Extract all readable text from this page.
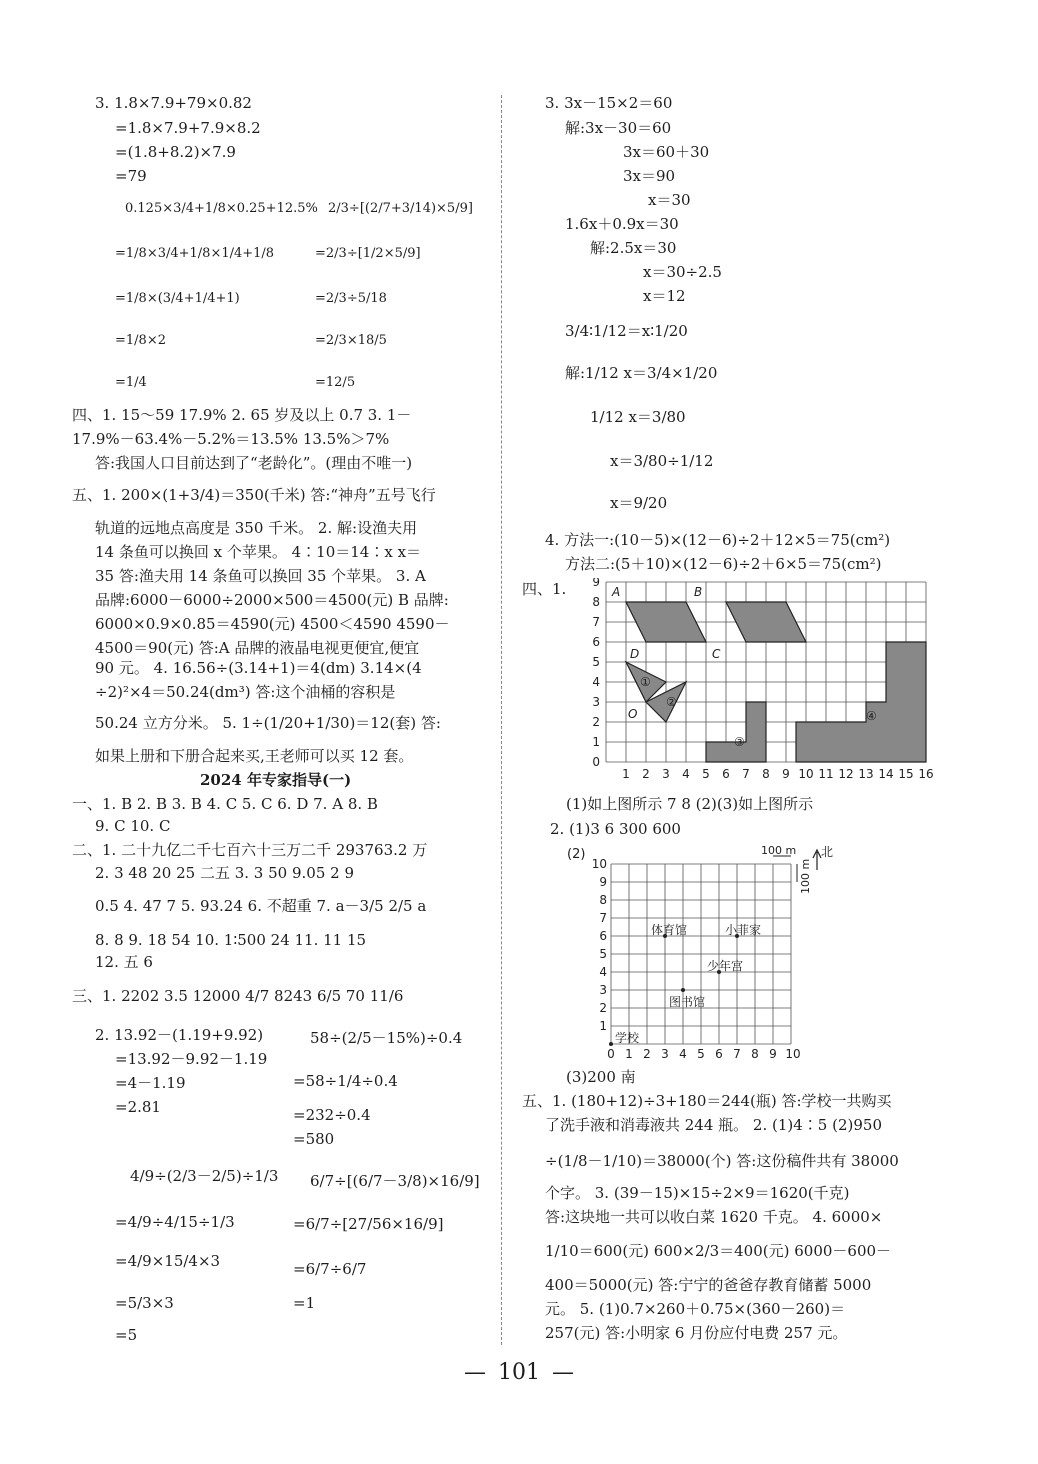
3. 1.8×7.9+79×0.82
=1.8×7.9+7.9×8.2
=(1.8+8.2)×7.9
=79
0.125×3/4+1/8×0.25+12.5%
=1/8×3/4+1/8×1/4+1/8
=1/8×(3/4+1/4+1)
=1/8×2
=1/4
2/3÷[(2/7+3/14)×5/9]
=2/3÷[1/2×5/9]
=2/3÷5/18
=2/3×18/5
=12/5
四、1. 15～59 17.9% 2. 65 岁及以上 0.7 3. 1－
17.9%－63.4%－5.2%＝13.5% 13.5%＞7%
答:我国人口目前达到了“老龄化”。(理由不唯一)
五、1. 200×(1+3/4)＝350(千米) 答:“神舟”五号飞行
轨道的远地点高度是 350 千米。 2. 解:设渔夫用
14 条鱼可以换回 x 个苹果。 4∶10＝14∶x x＝
35 答:渔夫用 14 条鱼可以换回 35 个苹果。 3. A
品牌:6000－6000÷2000×500＝4500(元) B 品牌:
6000×0.9×0.85＝4590(元) 4500＜4590 4590－
4500＝90(元) 答:A 品牌的液晶电视更便宜,便宜
90 元。 4. 16.56÷(3.14+1)＝4(dm) 3.14×(4
÷2)²×4＝50.24(dm³) 答:这个油桶的容积是
50.24 立方分米。 5. 1÷(1/20+1/30)＝12(套) 答:
如果上册和下册合起来买,王老师可以买 12 套。
2024 年专家指导(一)
一、1. B 2. B 3. B 4. C 5. C 6. D 7. A 8. B
9. C 10. C
二、1. 二十九亿二千七百六十三万二千 293763.2 万
2. 3 48 20 25 二五 3. 3 50 9.05 2 9
0.5 4. 47 7 5. 93.24 6. 不超重 7. a－3/5 2/5 a
8. 8 9. 18 54 10. 1∶500 24 11. 11 15
12. 五 6
三、1. 2202 3.5 12000 4/7 8243 6/5 70 11/6
2. 13.92－(1.19+9.92)
=13.92－9.92－1.19
=4－1.19
=2.81
58÷(2/5－15%)÷0.4
=58÷1/4÷0.4
=232÷0.4
=580
4/9÷(2/3－2/5)÷1/3
=4/9÷4/15÷1/3
=4/9×15/4×3
=5/3×3
=5
6/7÷[(6/7－3/8)×16/9]
=6/7÷[27/56×16/9]
=6/7÷6/7
=1
3. 3x－15×2＝60
解:3x－30＝60
3x＝60＋30
3x＝90
x＝30
1.6x＋0.9x＝30
解:2.5x＝30
x＝30÷2.5
x＝12
3/4∶1/12＝x∶1/20
解:1/12 x＝3/4×1/20
1/12 x＝3/80
x＝3/80÷1/12
x＝9/20
4. 方法一:(10－5)×(12－6)÷2＋12×5＝75(cm²)
方法二:(5＋10)×(12－6)÷2＋6×5＝75(cm²)
四、1.	A	B
C
D
O
①
②
③
④
1 2 3 4 5 6 7 8 9 10 11 12 13 14 15 16
0
1
2
3
4
5
6
7
8
9
(1)如上图所示 7 8 (2)(3)如上图所示
2. (1)3 6 300 600
(2)	100 m
100 m
北
体育馆	小菲家
少年宫
图书馆
学校
0 1 2 3 4 5 6 7 8 9 10
1
2
3
4
5
6
7
8
9
10
(3)200 南
五、1. (180+12)÷3+180＝244(瓶) 答:学校一共购买
了洗手液和消毒液共 244 瓶。 2. (1)4∶5 (2)950
÷(1/8－1/10)＝38000(个) 答:这份稿件共有 38000
个字。 3. (39－15)×15÷2×9＝1620(千克)
答:这块地一共可以收白菜 1620 千克。 4. 6000×
1/10＝600(元) 600×2/3＝400(元) 6000－600－
400＝5000(元) 答:宁宁的爸爸存教育储蓄 5000
元。 5. (1)0.7×260＋0.75×(360－260)＝
257(元) 答:小明家 6 月份应付电费 257 元。
— 101 —
